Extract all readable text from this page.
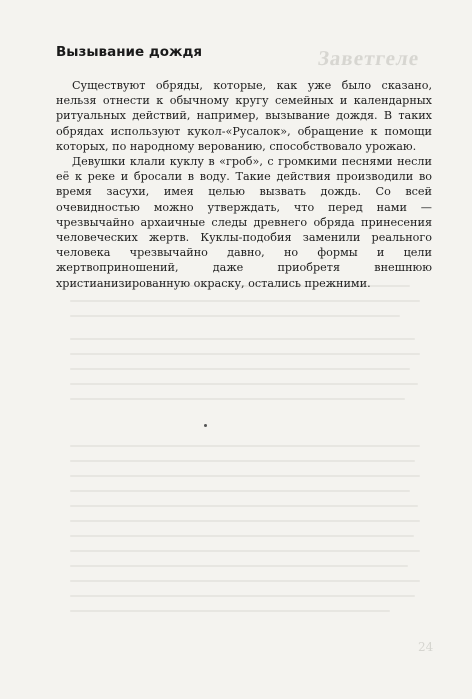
Заветгеле
24
Вызывание дождя

Существуют обряды, которые, как уже было сказано, нельзя отнести к обычному кругу семейных и календарных ритуальных действий, например, вызывание дождя. В таких обрядах используют кукол-«Русалок», обращение к помощи которых, по народному верованию, способствовало урожаю.

Девушки клали куклу в «гроб», с громкими песнями несли её к реке и бросали в воду. Такие действия производили во время засухи, имея целью вызвать дождь. Со всей очевидностью можно утверждать, что перед нами — чрезвычайно архаичные следы древнего обряда принесения человеческих жертв. Куклы-подобия заменили реального человека чрезвычайно давно, но формы и цели жертвоприношений, даже приобретя внешнюю христианизированную окраску, остались прежними.
